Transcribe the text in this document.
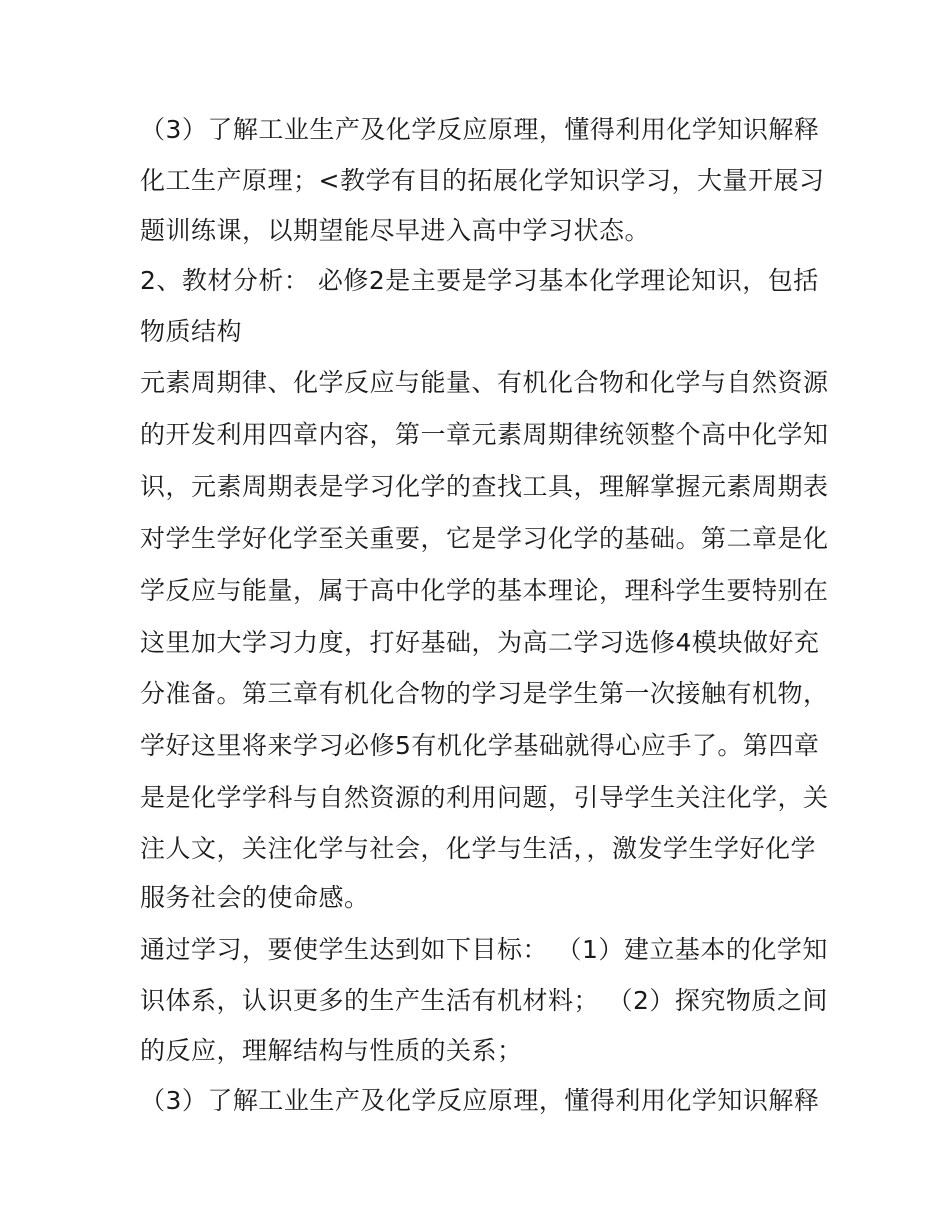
（3）了解工业生产及化学反应原理，懂得利用化学知识解释
化工生产原理；<教学有目的拓展化学知识学习，大量开展习
题训练课，以期望能尽早进入高中学习状态。
2、教材分析： 必修2是主要是学习基本化学理论知识，包括
物质结构
元素周期律、化学反应与能量、有机化合物和化学与自然资源
的开发利用四章内容，第一章元素周期律统领整个高中化学知
识，元素周期表是学习化学的查找工具，理解掌握元素周期表
对学生学好化学至关重要，它是学习化学的基础。第二章是化
学反应与能量，属于高中化学的基本理论，理科学生要特别在
这里加大学习力度，打好基础，为高二学习选修4模块做好充
分准备。第三章有机化合物的学习是学生第一次接触有机物，
学好这里将来学习必修5有机化学基础就得心应手了。第四章
是是化学学科与自然资源的利用问题，引导学生关注化学，关
注人文，关注化学与社会，化学与生活，，激发学生学好化学
服务社会的使命感。
通过学习，要使学生达到如下目标： （1）建立基本的化学知
识体系，认识更多的生产生活有机材料； （2）探究物质之间
的反应，理解结构与性质的关系；
（3）了解工业生产及化学反应原理，懂得利用化学知识解释
